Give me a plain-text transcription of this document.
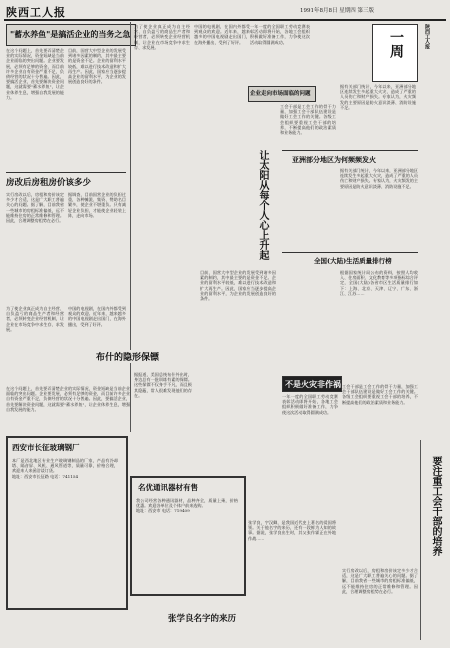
陕西工人报	1991年8月8日 星期四 第三版
"蓄水养鱼"是搞活企业的当务之急
在这个问题上，首先要弄清楚企业的实际情况，资金短缺是当前企业面临的突出问题。企业要发展，必须有足够的资金，而目前许多企业自有资金严重不足，负债经营的状况十分普遍。因此，要搞活企业，首先要解决资金问题，这就需要"蓄水养鱼"，让企业休养生息，增强自我发展的能力。
目前，国营大中型企业的发展受到诸多因素的制约，其中最主要的是资金不足。企业的留利水平较低，难以进行技术改造和扩大再生产。因此，国家应当逐步提高企业的留利水平，为企业的发展创造良好的条件。
房改后房租房价该多少
实行房改以后，房租和房价该定多少才合适，这是广大职工普遍关心的问题。据了解，目前我省一些城市的房租标准偏低，远不能维持住房的正常维修和管理。因此，合理调整房租势在必行。
据调查，目前国营企业的负担过重，各种摊派、集资、赞助名目繁多，使企业不堪重负。只有减轻企业负担，才能使企业轻装上阵，走向市场。
为了使企业真正成为自主经营、自负盈亏的商品生产者和经营者，必须转变企业经营机制，让企业在市场竞争中求生存、求发展。
中国的电视剧，在国内外都受到观众的欢迎。近年来，越来越多的中国电视剧走出国门，在海外播出，受到了好评。
让太阳从每个人心上升起
一年一度的全国职工劳动竞赛表彰活动即将开始，各地工会组织积极做好准备工作，力争使这次活动取得圆满成功。
企业走向市场面临的问题
工会干部是工会工作的骨干力量，加强工会干部队伍建设是做好工会工作的关键。各级工会组织要重视工会干部的培养，不断提高他们的政治素质和业务能力。
一周
据有关部门统计，今年以来，亚洲部分地区连续发生多起重大火灾，造成了严重的人员伤亡和财产损失。专家认为，火灾频发的主要原因是防火意识淡薄、消防设施不足。
陕西工人报
亚洲部分地区为何频频发火
据有关部门统计，今年以来，亚洲部分地区连续发生多起重大火灾，造成了严重的人员伤亡和财产损失。专家认为，火灾频发的主要原因是防火意识淡薄、消防设施不足。
全国(大陆)生活质量排行榜
根据国家统计局公布的资料，按照人均收入、住房面积、文化教育等多项指标综合评定，全国(大陆)各省市区生活质量排行如下：上海、北京、天津、辽宁、广东、浙江、江苏……
为了使企业真正成为自主经营、自负盈亏的商品生产者和经营者，必须转变企业经营机制，让企业在市场竞争中求生存、求发展。
中国的电视剧，在国内外都受到观众的欢迎。近年来，越来越多的中国电视剧走出国门，在海外播出，受到了好评。
布什的隐形保镖
据报道，美国总统布什外出时，身边总有一批训练有素的保镖。这些保镖不仅身手不凡，而且极其隐蔽，常人很难发现他们的存在。
目前，国营大中型企业的发展受到诸多因素的制约，其中最主要的是资金不足。企业的留利水平较低，难以进行技术改造和扩大再生产。因此，国家应当逐步提高企业的留利水平，为企业的发展创造良好的条件。
在这个问题上，首先要弄清楚企业的实际情况，资金短缺是当前企业面临的突出问题。企业要发展，必须有足够的资金，而目前许多企业自有资金严重不足，负债经营的状况十分普遍。因此，要搞活企业，首先要解决资金问题，这就需要"蓄水养鱼"，让企业休养生息，增强自我发展的能力。
不是火灾非作祸
一年一度的全国职工劳动竞赛表彰活动即将开始，各地工会组织积极做好准备工作，力争使这次活动取得圆满成功。
工会干部是工会工作的骨干力量，加强工会干部队伍建设是做好工会工作的关键。各级工会组织要重视工会干部的培养，不断提高他们的政治素质和业务能力。
要注重工会干部的培养
西安市长征玻璃钢厂
本厂是西北地区专业生产玻璃钢制品的厂家，产品有冷却塔、隔音屏、风机、通风管道等，质量可靠，价格合理，欢迎来人来函洽谈订货。
地址：西安市长征路 电话：741154
名优通讯器材有售
我公司经营各种通讯器材，品种齐全，质量上乘，价格优惠。欢迎各单位及个体户前来选购。
地址：西安市 电话：719409
张学良名字的来历
张学良，字汉卿，是我国近代史上著名的爱国将领。关于他名字的来历，还有一段鲜为人知的故事。据说，张学良出生时，其父张作霖正在外地作战……
实行房改以后，房租和房价该定多少才合适，这是广大职工普遍关心的问题。据了解，目前我省一些城市的房租标准偏低，远不能维持住房的正常维修和管理。因此，合理调整房租势在必行。
